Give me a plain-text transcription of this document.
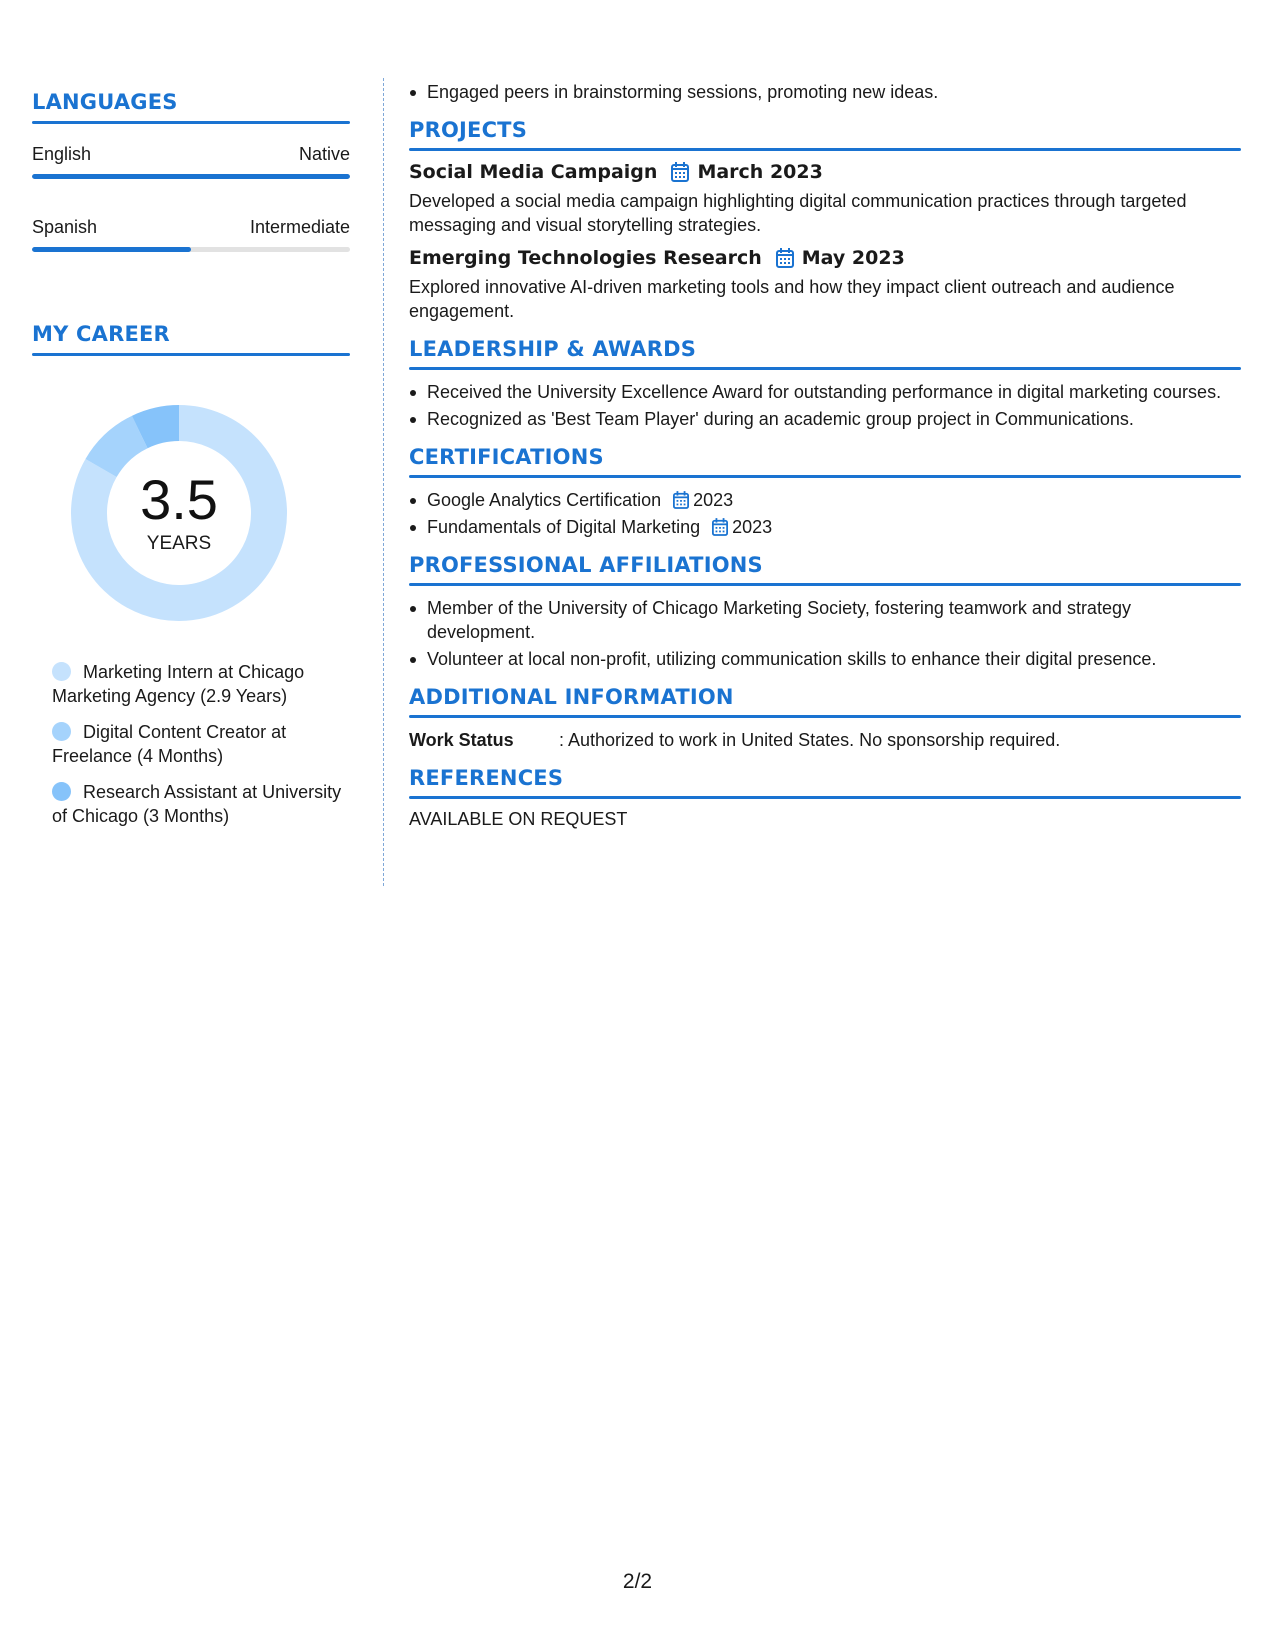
LANGUAGES
English	Native
Spanish	Intermediate
MY CAREER
3.5
YEARS
Marketing Intern at Chicago Marketing Agency (2.9 Years)
Digital Content Creator at Freelance (4 Months)
Research Assistant at University of Chicago (3 Months)
Engaged peers in brainstorming sessions, promoting new ideas.
PROJECTS
Social Media Campaign March 2023
Developed a social media campaign highlighting digital communication practices through targeted messaging and visual storytelling strategies.
Emerging Technologies Research May 2023
Explored innovative AI-driven marketing tools and how they impact client outreach and audience engagement.
LEADERSHIP & AWARDS
Received the University Excellence Award for outstanding performance in digital marketing courses.
Recognized as 'Best Team Player' during an academic group project in Communications.
CERTIFICATIONS
Google Analytics Certification 2023
Fundamentals of Digital Marketing 2023
PROFESSIONAL AFFILIATIONS
Member of the University of Chicago Marketing Society, fostering teamwork and strategy development.
Volunteer at local non-profit, utilizing communication skills to enhance their digital presence.
ADDITIONAL INFORMATION
Work Status	: Authorized to work in United States. No sponsorship required.
REFERENCES
AVAILABLE ON REQUEST
2/2
